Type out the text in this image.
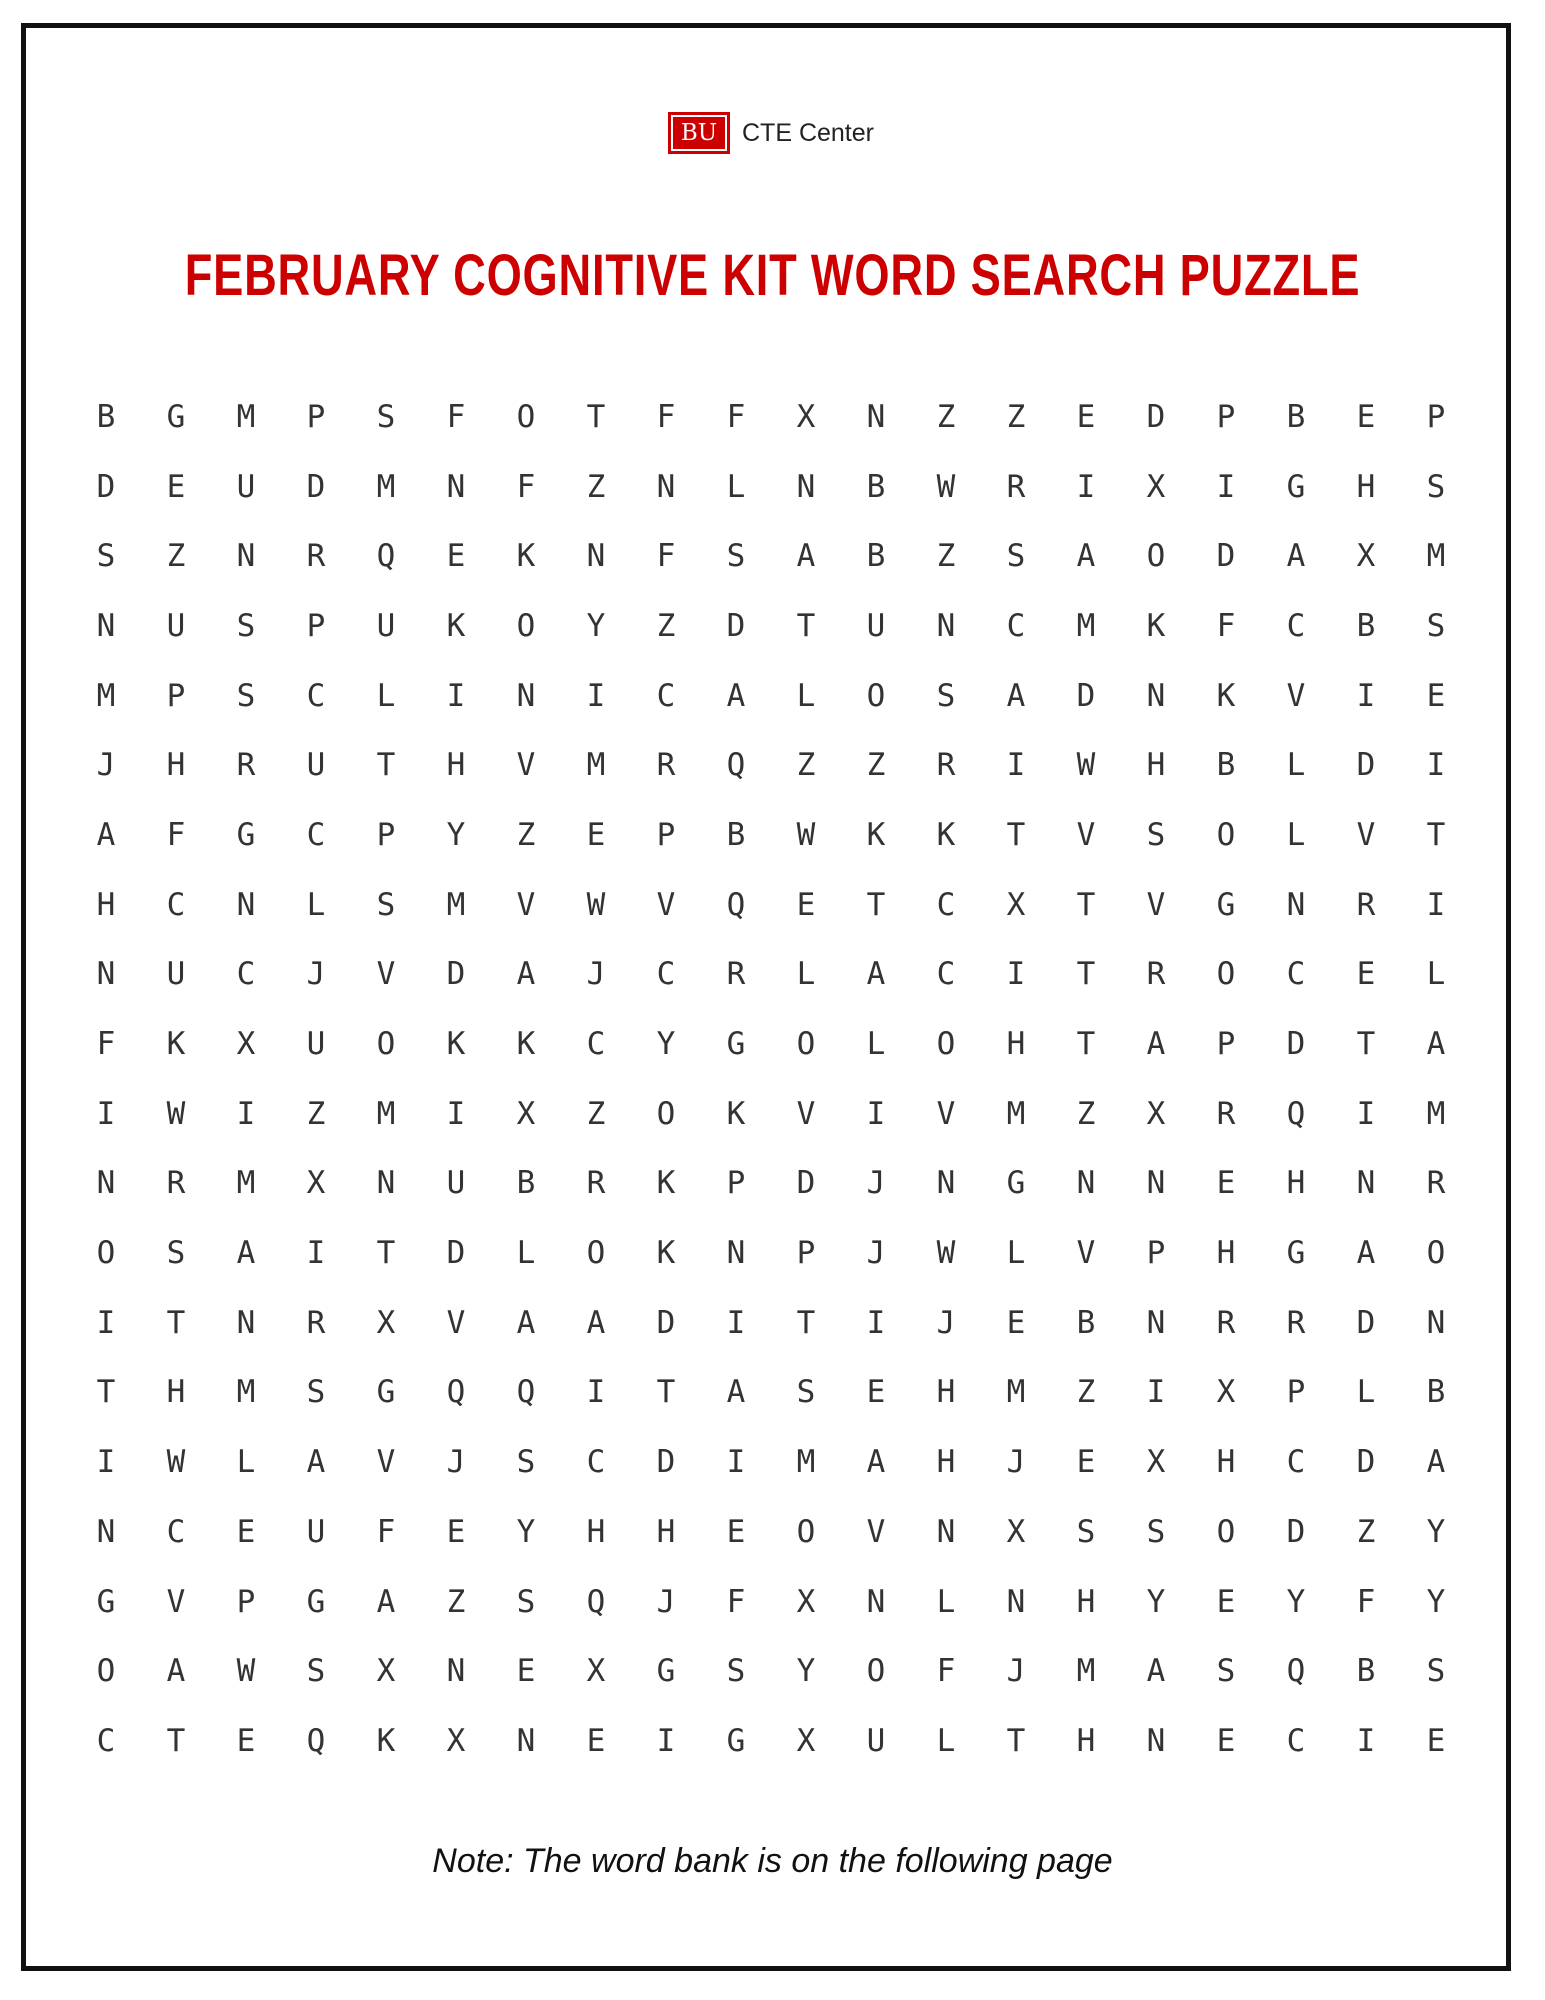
BU CTE Center
FEBRUARY COGNITIVE KIT WORD SEARCH PUZZLE
B	G	M	P	S	F	O	T	F	F	X	N	Z	Z	E	D	P	B	E	P
D	E	U	D	M	N	F	Z	N	L	N	B	W	R	I	X	I	G	H	S
S	Z	N	R	Q	E	K	N	F	S	A	B	Z	S	A	O	D	A	X	M
N	U	S	P	U	K	O	Y	Z	D	T	U	N	C	M	K	F	C	B	S
M	P	S	C	L	I	N	I	C	A	L	O	S	A	D	N	K	V	I	E
J	H	R	U	T	H	V	M	R	Q	Z	Z	R	I	W	H	B	L	D	I
A	F	G	C	P	Y	Z	E	P	B	W	K	K	T	V	S	O	L	V	T
H	C	N	L	S	M	V	W	V	Q	E	T	C	X	T	V	G	N	R	I
N	U	C	J	V	D	A	J	C	R	L	A	C	I	T	R	O	C	E	L
F	K	X	U	O	K	K	C	Y	G	O	L	O	H	T	A	P	D	T	A
I	W	I	Z	M	I	X	Z	O	K	V	I	V	M	Z	X	R	Q	I	M
N	R	M	X	N	U	B	R	K	P	D	J	N	G	N	N	E	H	N	R
O	S	A	I	T	D	L	O	K	N	P	J	W	L	V	P	H	G	A	O
I	T	N	R	X	V	A	A	D	I	T	I	J	E	B	N	R	R	D	N
T	H	M	S	G	Q	Q	I	T	A	S	E	H	M	Z	I	X	P	L	B
I	W	L	A	V	J	S	C	D	I	M	A	H	J	E	X	H	C	D	A
N	C	E	U	F	E	Y	H	H	E	O	V	N	X	S	S	O	D	Z	Y
G	V	P	G	A	Z	S	Q	J	F	X	N	L	N	H	Y	E	Y	F	Y
O	A	W	S	X	N	E	X	G	S	Y	O	F	J	M	A	S	Q	B	S
C	T	E	Q	K	X	N	E	I	G	X	U	L	T	H	N	E	C	I	E

Note: The word bank is on the following page
